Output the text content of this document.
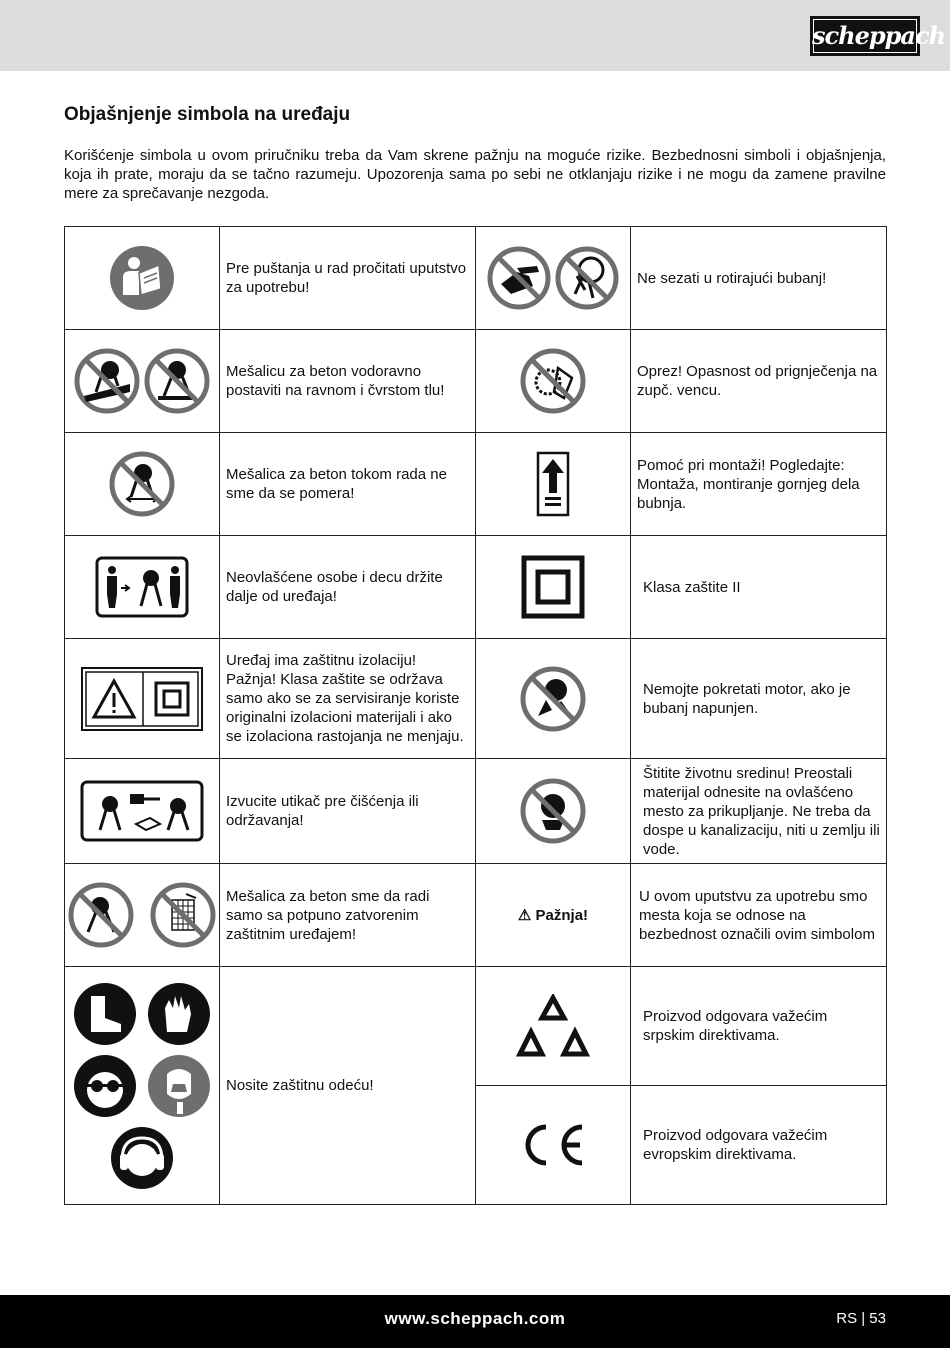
scheppach
Objašnjenje simbola na uređaju

Korišćenje simbola u ovom priručniku treba da Vam skrene pažnju na moguće rizike. Bezbednosni simboli i objašnjenja, koja ih prate, moraju da se tačno razumeju. Upozorenja sama po sebi ne otklanjaju rizike i ne mogu da zamene pravilne mere za sprečavanje nezgoda.

	Pre puštanja u rad pročitati uputstvo za upotrebu!		Ne sezati u rotirajući bubanj!
	Mešalicu za beton vodoravno postaviti na ravnom i čvrstom tlu!		Oprez! Opasnost od prignječenja na zupč. vencu.
	Mešalica za beton tokom rada ne sme da se pomera!		Pomoć pri montaži! Pogledajte: Montaža, montiranje gornjeg dela bubnja.
	Neovlašćene osobe i decu držite dalje od uređaja!		Klasa zaštite II
	Uređaj ima zaštitnu izolaciju! Pažnja! Klasa zaštite se održava samo ako se za servisiranje koriste originalni izolacioni materijali i ako se izolaciona rastojanja ne menjaju.		Nemojte pokretati motor, ako je bubanj napunjen.
	Izvucite utikač pre čišćenja ili održavanja!		Štitite životnu sredinu! Preostali materijal odnesite na ovlašćeno mesto za prikupljanje. Ne treba da dospe u kanalizaciju, niti u zemlju ili vode.
	Mešalica za beton sme da radi samo sa potpuno zatvorenim zaštitnim uređajem!	⚠ Pažnja!	U ovom uputstvu za upotrebu smo mesta koja se odnose na bezbednost označili ovim simbolom

	Nosite zaštitnu odeću!		Proizvod odgovara važećim srpskim direktivama.
	Proizvod odgovara važećim evropskim direktivama.
www.scheppach.com	RS | 53
